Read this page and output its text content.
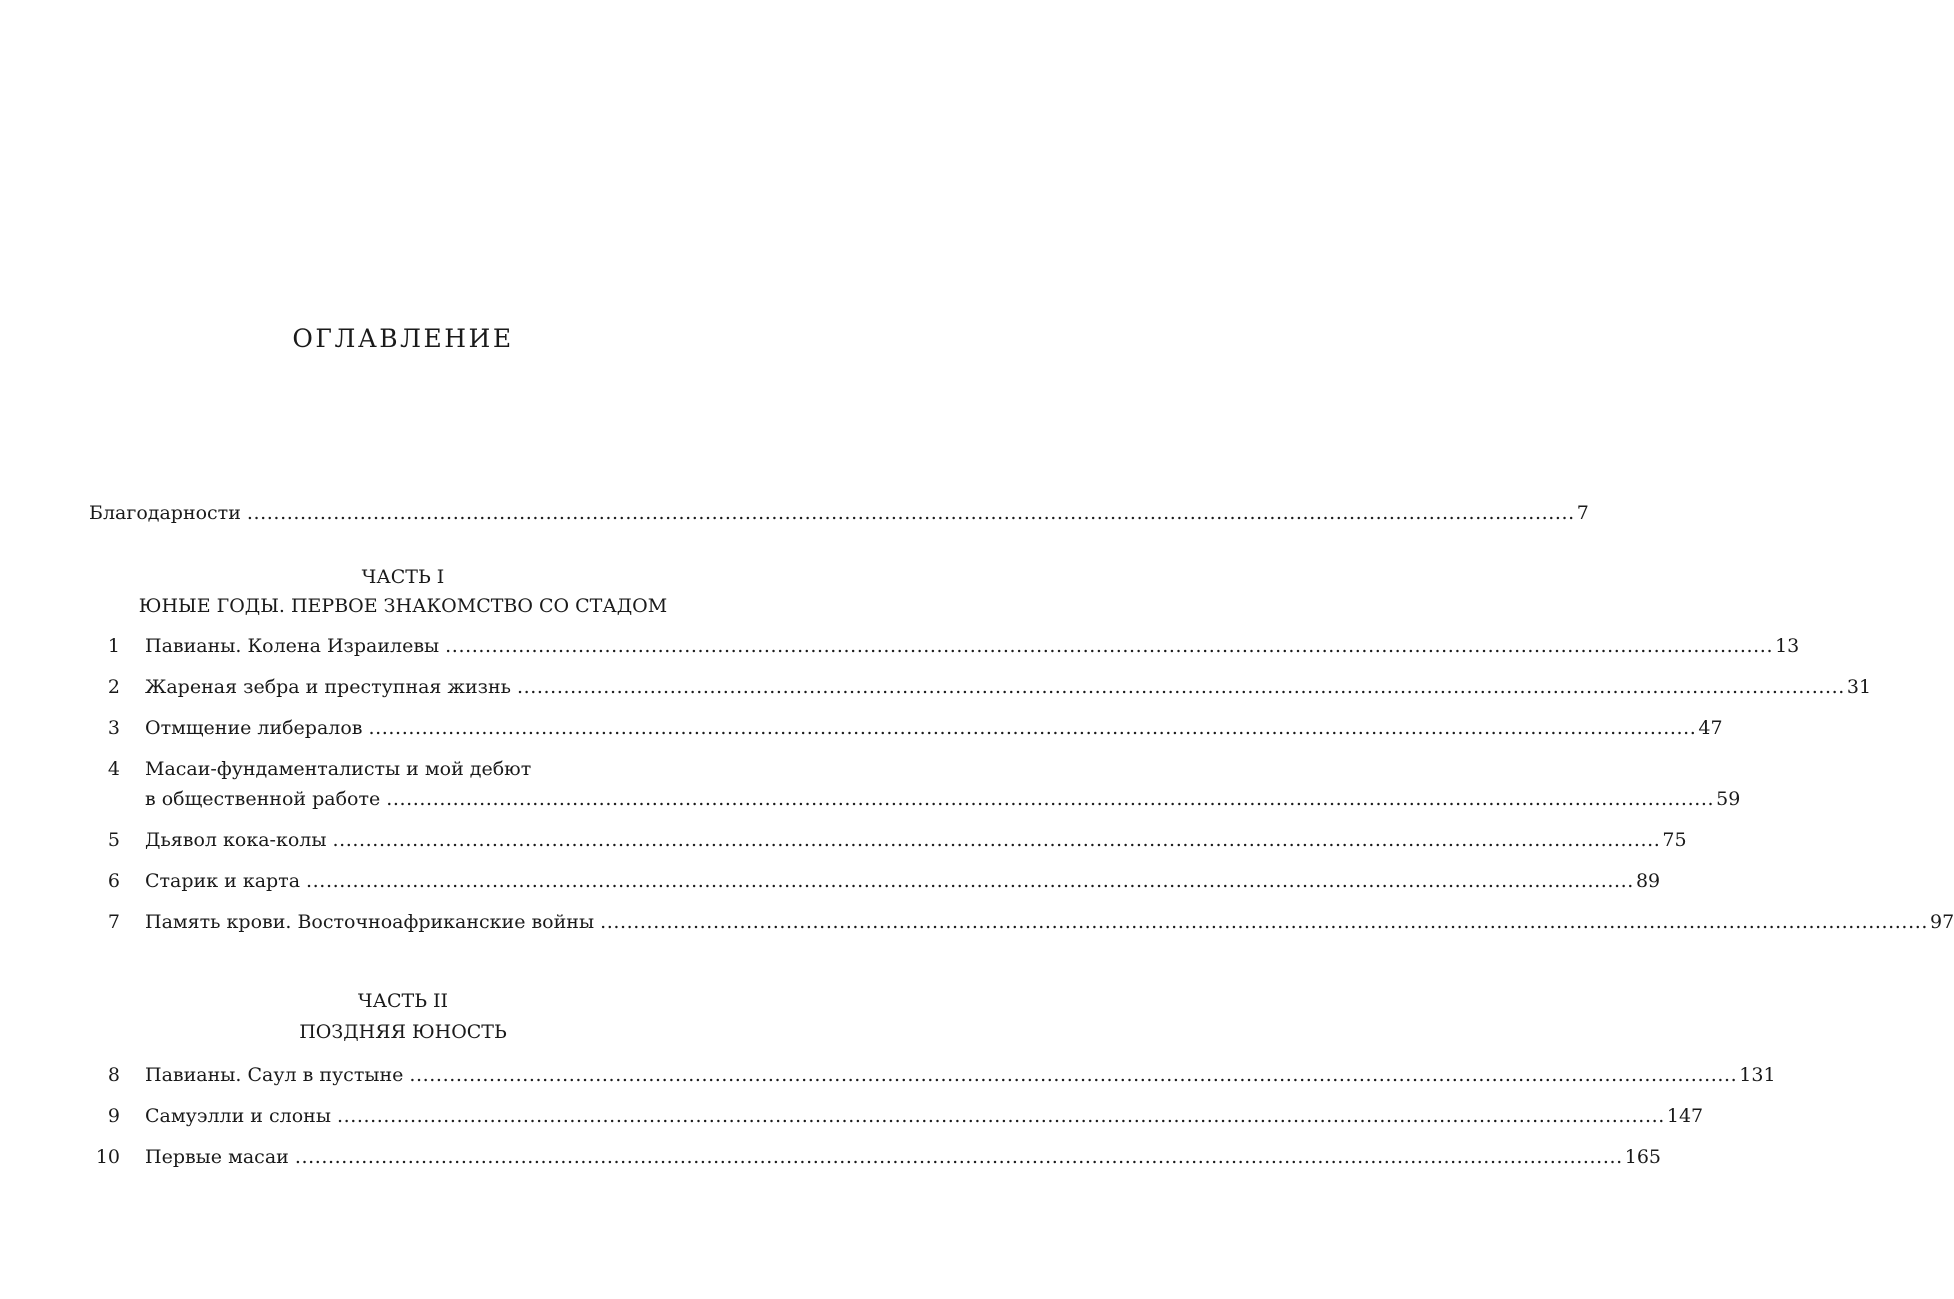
ОГЛАВЛЕНИЕ
Благодарности ........................................................................................................................................................................................................ 7
ЧАСТЬ I
ЮНЫЕ ГОДЫ. ПЕРВОЕ ЗНАКОМСТВО СО СТАДОМ
1 Павианы. Колена Израилевы ........................................................................................................................................................................................................ 13
2 Жареная зебра и преступная жизнь ........................................................................................................................................................................................................ 31
3 Отмщение либералов ........................................................................................................................................................................................................ 47
4 Масаи-фундаменталисты и мой дебют
в общественной работе ........................................................................................................................................................................................................ 59
5 Дьявол кока-колы ........................................................................................................................................................................................................ 75
6 Старик и карта ........................................................................................................................................................................................................ 89
7 Память крови. Восточноафриканские войны ........................................................................................................................................................................................................ 97
ЧАСТЬ II
ПОЗДНЯЯ ЮНОСТЬ
8 Павианы. Саул в пустыне ........................................................................................................................................................................................................ 131
9 Самуэлли и слоны ........................................................................................................................................................................................................ 147
10 Первые масаи ........................................................................................................................................................................................................ 165
